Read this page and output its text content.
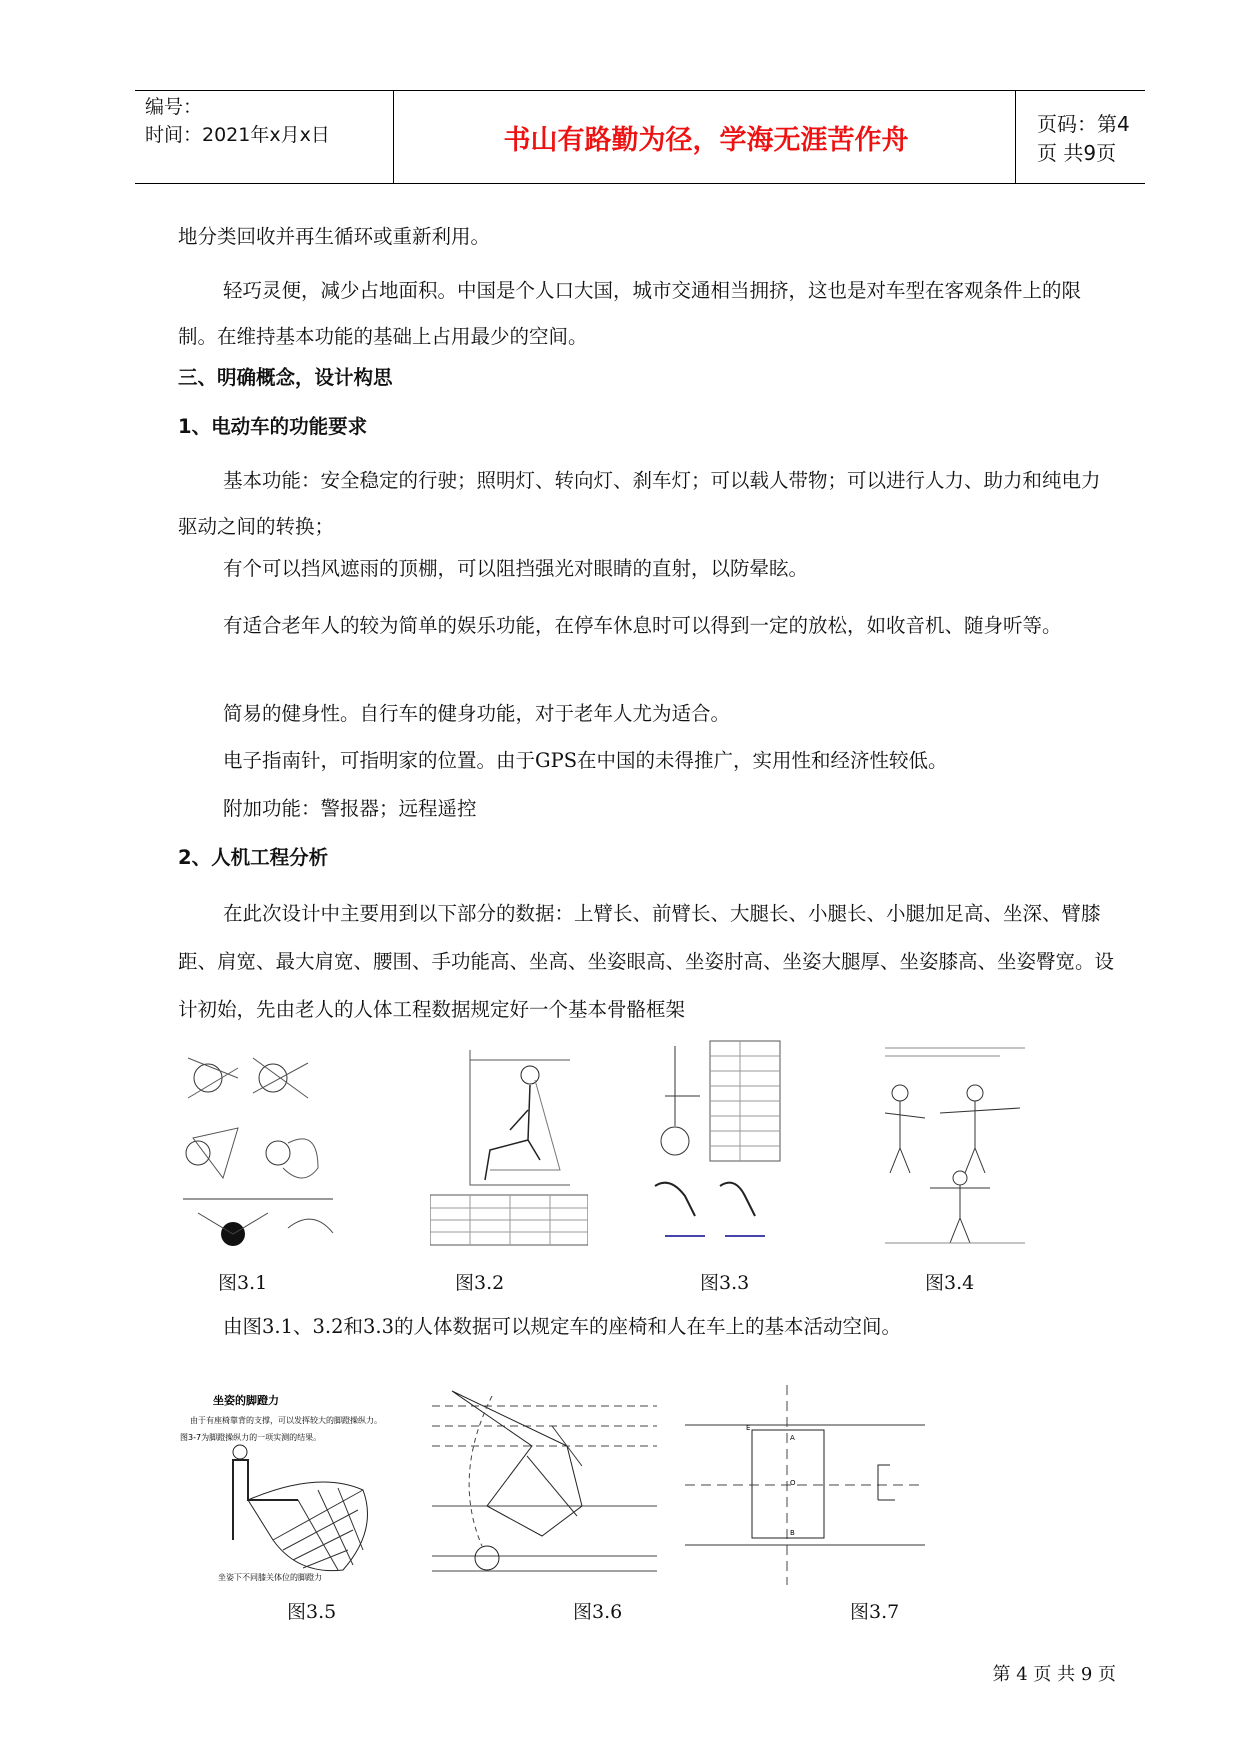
编号：
时间：2021年x月x日	书山有路勤为径，学海无涯苦作舟
页码：第4页 共9页
地分类回收并再生循环或重新利用。
轻巧灵便，减少占地面积。中国是个人口大国，城市交通相当拥挤，这也是对车型在客观条件上的限制。在维持基本功能的基础上占用最少的空间。
三、明确概念，设计构思
1、电动车的功能要求
基本功能：安全稳定的行驶；照明灯、转向灯、刹车灯；可以载人带物；可以进行人力、助力和纯电力驱动之间的转换；
有个可以挡风遮雨的顶棚，可以阻挡强光对眼睛的直射，以防晕眩。
有适合老年人的较为简单的娱乐功能，在停车休息时可以得到一定的放松，如收音机、随身听等。
简易的健身性。自行车的健身功能，对于老年人尤为适合。
电子指南针，可指明家的位置。由于GPS在中国的未得推广，实用性和经济性较低。
附加功能：警报器；远程遥控
2、人机工程分析
在此次设计中主要用到以下部分的数据：上臂长、前臂长、大腿长、小腿长、小腿加足高、坐深、臂膝距、肩宽、最大肩宽、腰围、手功能高、坐高、坐姿眼高、坐姿肘高、坐姿大腿厚、坐姿膝高、坐姿臀宽。设计初始，先由老人的人体工程数据规定好一个基本骨骼框架
图3.1	图3.2	图3.3	图3.4
由图3.1、3.2和3.3的人体数据可以规定车的座椅和人在车上的基本活动空间。
坐姿的脚蹬力
由于有座椅靠背的支撑，可以发挥较大的脚蹬操纵力。
图3-7为脚蹬操纵力的一项实测的结果。
坐姿下不同膝关体位的脚蹬力
图3.5	图3.6
E
A
O
B
图3.7
第 4 页 共 9 页
